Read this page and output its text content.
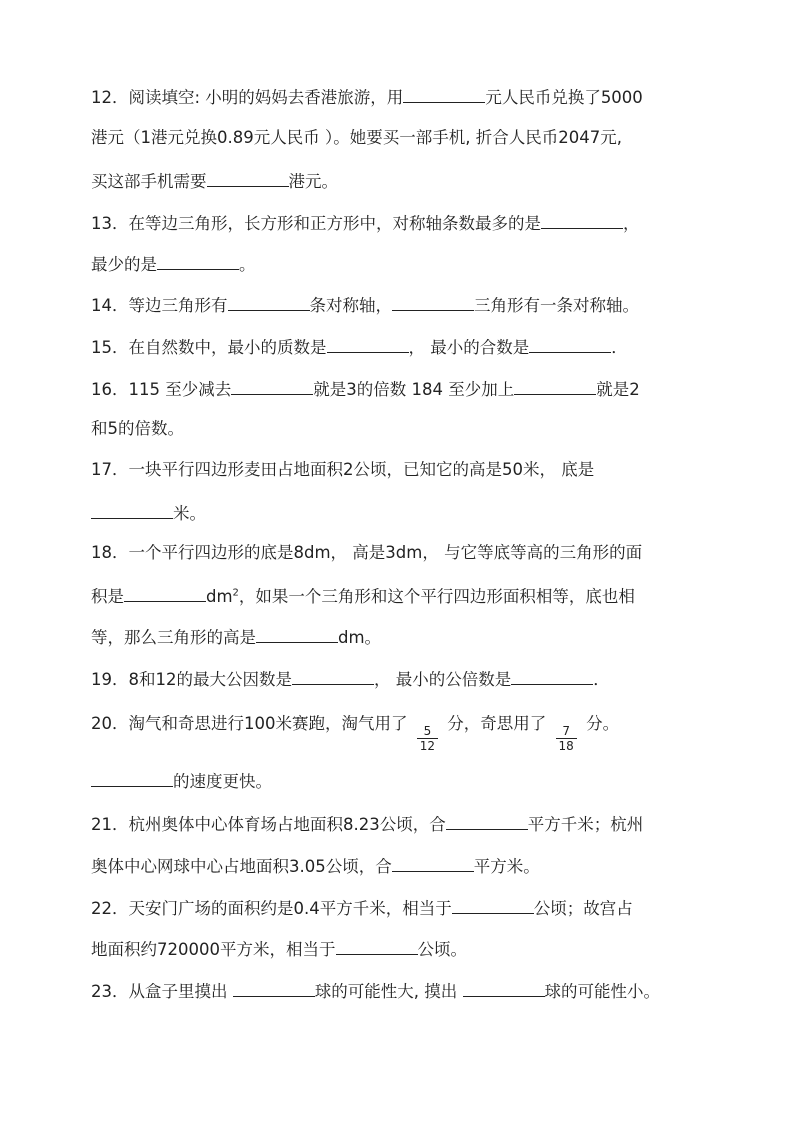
12．阅读填空: 小明的妈妈去香港旅游，用	元人民币兑换了5000
港元（1港元兑换0.89元人民币 ）。她要买一部手机, 折合人民币2047元,
买这部手机需要	港元。
13．在等边三角形，长方形和正方形中，对称轴条数最多的是	，
最少的是	。
14．等边三角形有	条对称轴，	三角形有一条对称轴。
15．在自然数中，最小的质数是	， 最小的合数是	．
16．115 至少减去	就是3的倍数 184 至少加上	就是2
和5的倍数。
17．一块平行四边形麦田占地面积2公顷，已知它的高是50米， 底是
米。
18．一个平行四边形的底是8dm， 高是3dm， 与它等底等高的三角形的面
积是	$dm^2$，如果一个三角形和这个平行四边形面积相等，底也相
等，那么三角形的高是	dm。
19．8和12的最大公因数是	， 最小的公倍数是	．
20．淘气和奇思进行100米赛跑，淘气用了
$\frac{5}{12}$
分，奇思用了
$\frac{7}{18}$
分。
的速度更快。
21．杭州奥体中心体育场占地面积8.23公顷，合	平方千米；杭州
奥体中心网球中心占地面积3.05公顷，合	平方米。
22．天安门广场的面积约是0.4平方千米，相当于	公顷；故宫占
地面积约720000平方米，相当于	公顷。
23．从盒子里摸出	球的可能性大, 摸出	球的可能性小。
